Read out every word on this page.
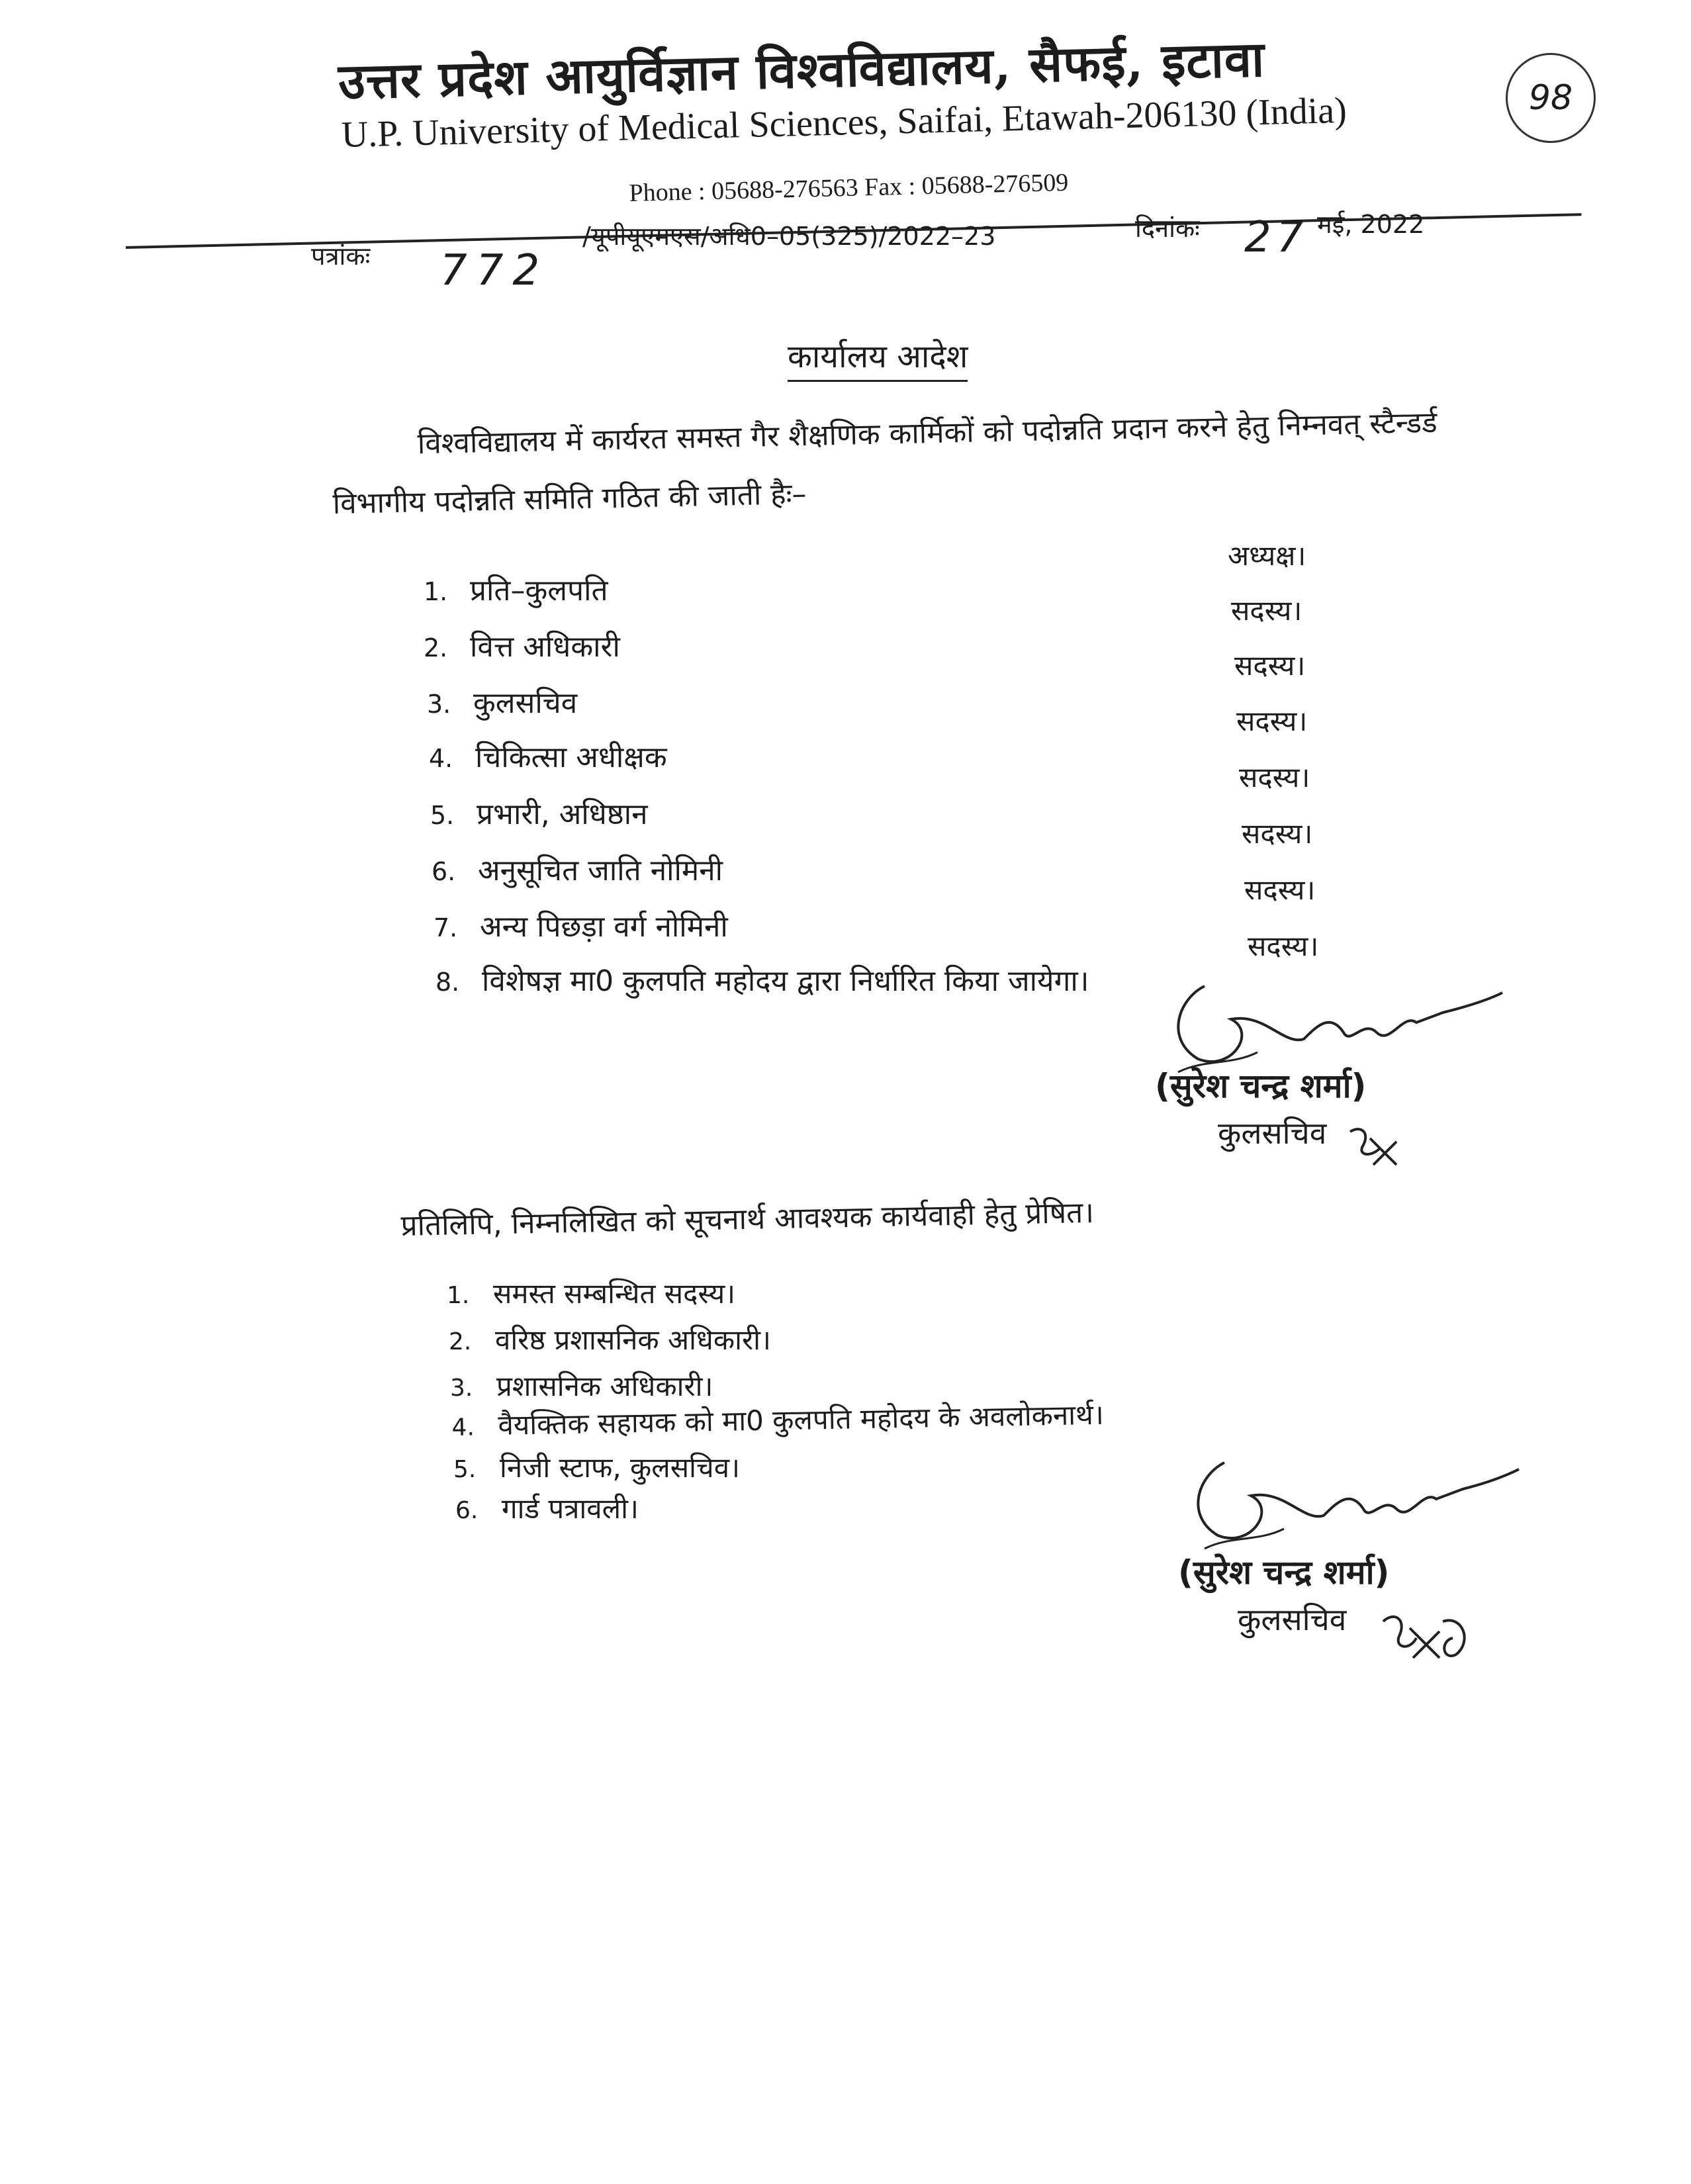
उत्तर प्रदेश आयुर्विज्ञान विश्वविद्यालय, सैफई, इटावा
U.P. University of Medical Sciences, Saifai, Etawah-206130 (India)
Phone : 05688-276563 Fax : 05688-276509
98
पत्रांकः 772
/यूपीयूएमएस/अधि0–05(325)/2022–23	दिनांकः 27 मई, 2022
कार्यालय आदेश
विश्वविद्यालय में कार्यरत समस्त गैर शैक्षणिक कार्मिकों को पदोन्नति प्रदान करने हेतु निम्नवत् स्टैन्डर्ड विभागीय पदोन्नति समिति गठित की जाती हैः–
1. प्रति–कुलपति
अध्यक्ष।
2. वित्त अधिकारी
सदस्य।
3. कुलसचिव
सदस्य।
4. चिकित्सा अधीक्षक
सदस्य।
5. प्रभारी, अधिष्ठान
सदस्य।
6. अनुसूचित जाति नोमिनी
सदस्य।
7. अन्य पिछड़ा वर्ग नोमिनी
सदस्य।
8. विशेषज्ञ मा0 कुलपति महोदय द्वारा निर्धारित किया जायेगा।
सदस्य।
(सुरेश चन्द्र शर्मा)
कुलसचिव
प्रतिलिपि, निम्नलिखित को सूचनार्थ आवश्यक कार्यवाही हेतु प्रेषित।
1. समस्त सम्बन्धित सदस्य।
2. वरिष्ठ प्रशासनिक अधिकारी।
3. प्रशासनिक अधिकारी।
4. वैयक्तिक सहायक को मा0 कुलपति महोदय के अवलोकनार्थ।
5. निजी स्टाफ, कुलसचिव।
6. गार्ड पत्रावली।
(सुरेश चन्द्र शर्मा)
कुलसचिव
